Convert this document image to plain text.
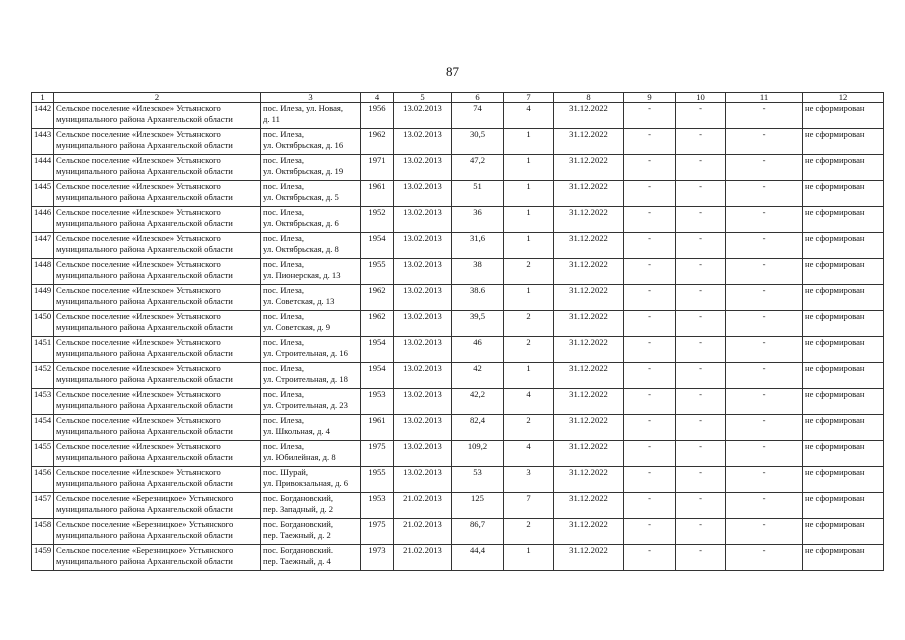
87
1	2	3	4	5	6	7	8	9	10	11	12
1442	Сельское поселение «Илезское» Устьянского
муниципального района Архангельской области	пос. Илеза, ул. Новая,
д. 11	1956	13.02.2013	74	4	31.12.2022	-	-	-	не сформирован
1443	Сельское поселение «Илезское» Устьянского
муниципального района Архангельской области	пос. Илеза,
ул. Октябрьская, д. 16	1962	13.02.2013	30,5	1	31.12.2022	-	-	-	не сформирован
1444	Сельское поселение «Илезское» Устьянского
муниципального района Архангельской области	пос. Илеза,
ул. Октябрьская, д. 19	1971	13.02.2013	47,2	1	31.12.2022	-	-	-	не сформирован
1445	Сельское поселение «Илезское» Устьянского
муниципального района Архангельской области	пос. Илеза,
ул. Октябрьская, д. 5	1961	13.02.2013	51	1	31.12.2022	-	-	-	не сформирован
1446	Сельское поселение «Илезское» Устьянского
муниципального района Архангельской области	пос. Илеза,
ул. Октябрьская, д. 6	1952	13.02.2013	36	1	31.12.2022	-	-	-	не сформирован
1447	Сельское поселение «Илезское» Устьянского
муниципального района Архангельской области	пос. Илеза,
ул. Октябрьская, д. 8	1954	13.02.2013	31,6	1	31.12.2022	-	-	-	не сформирован
1448	Сельское поселение «Илезское» Устьянского
муниципального района Архангельской области	пос. Илеза,
ул. Пионерская, д. 13	1955	13.02.2013	38	2	31.12.2022	-	-	-	не сформирован
1449	Сельское поселение «Илезское» Устьянского
муниципального района Архангельской области	пос. Илеза,
ул. Советская, д. 13	1962	13.02.2013	38.6	1	31.12.2022	-	-	-	не сформирован
1450	Сельское поселение «Илезское» Устьянского
муниципального района Архангельской области	пос. Илеза,
ул. Советская, д. 9	1962	13.02.2013	39,5	2	31.12.2022	-	-	-	не сформирован
1451	Сельское поселение «Илезское» Устьянского
муниципального района Архангельской области	пос. Илеза,
ул. Строительная, д. 16	1954	13.02.2013	46	2	31.12.2022	-	-	-	не сформирован
1452	Сельское поселение «Илезское» Устьянского
муниципального района Архангельской области	пос. Илеза,
ул. Строительная, д. 18	1954	13.02.2013	42	1	31.12.2022	-	-	-	не сформирован
1453	Сельское поселение «Илезское» Устьянского
муниципального района Архангельской области	пос. Илеза,
ул. Строительная, д. 23	1953	13.02.2013	42,2	4	31.12.2022	-	-	-	не сформирован
1454	Сельское поселение «Илезское» Устьянского
муниципального района Архангельской области	пос. Илеза,
ул. Школьная, д. 4	1961	13.02.2013	82,4	2	31.12.2022	-	-	-	не сформирован
1455	Сельское поселение «Илезское» Устьянского
муниципального района Архангельской области	пос. Илеза,
ул. Юбилейная, д. 8	1975	13.02.2013	109,2	4	31.12.2022	-	-	-	не сформирован
1456	Сельское поселение «Илезское» Устьянского
муниципального района Архангельской области	пос. Шурай,
ул. Привокзальная, д. 6	1955	13.02.2013	53	3	31.12.2022	-	-	-	не сформирован
1457	Сельское поселение «Березницкое» Устьянского
муниципального района Архангельской области	пос. Богдановский,
пер. Западный, д. 2	1953	21.02.2013	125	7	31.12.2022	-	-	-	не сформирован
1458	Сельское поселение «Березницкое» Устьянского
муниципального района Архангельской области	пос. Богдановский,
пер. Таежный, д. 2	1975	21.02.2013	86,7	2	31.12.2022	-	-	-	не сформирован
1459	Сельское поселение «Березницкое» Устьянского
муниципального района Архангельской области	пос. Богдановский.
пер. Таежный, д. 4	1973	21.02.2013	44,4	1	31.12.2022	-	-	-	не сформирован
